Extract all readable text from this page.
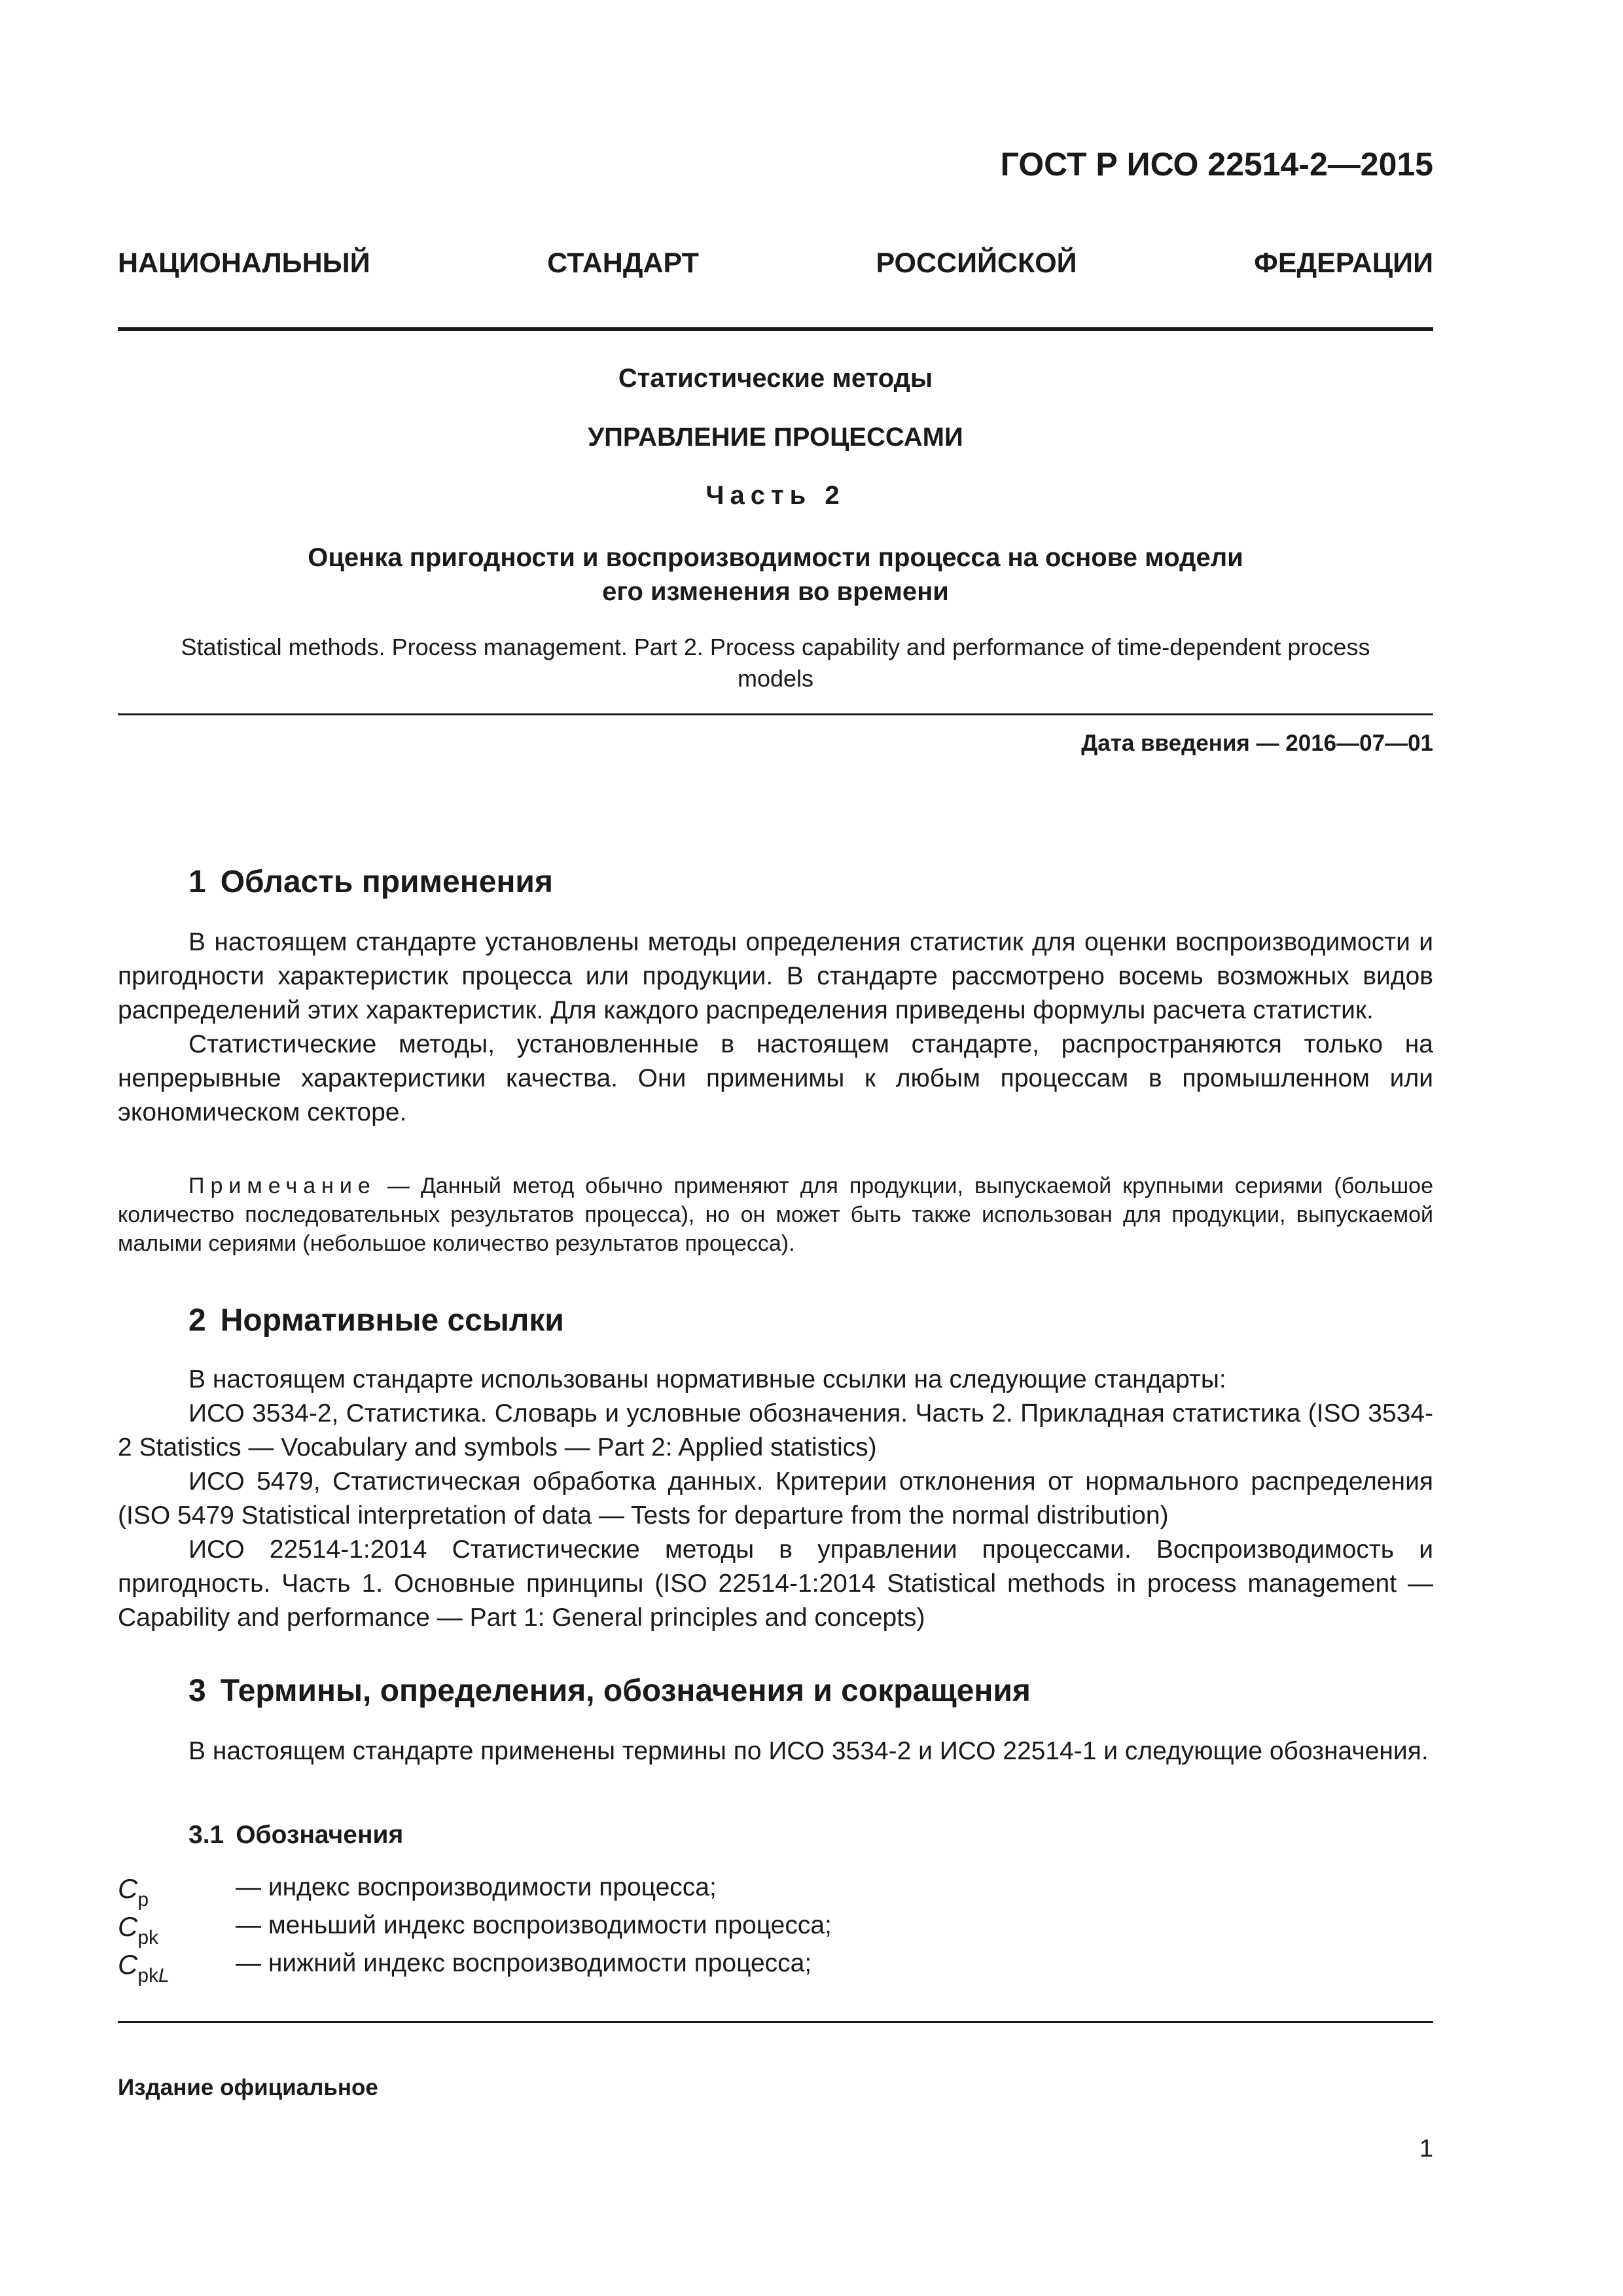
ГОСТ Р ИСО 22514-2—2015
НАЦИОНАЛЬНЫЙ СТАНДАРТ РОССИЙСКОЙ ФЕДЕРАЦИИ
Статистические методы
УПРАВЛЕНИЕ ПРОЦЕССАМИ
Часть 2
Оценка пригодности и воспроизводимости процесса на основе модели
его изменения во времени
Statistical methods. Process management. Part 2. Process capability and performance of time-dependent process
models
Дата введения — 2016—07—01
1 Область применения

В настоящем стандарте установлены методы определения статистик для оценки воспроизводимости и пригодности характеристик процесса или продукции. В стандарте рассмотрено восемь возможных видов распределений этих характеристик. Для каждого распределения приведены формулы расчета статистик.

Статистические методы, установленные в настоящем стандарте, распространяются только на непрерывные характеристики качества. Они применимы к любым процессам в промышленном или экономическом секторе.

Примечание — Данный метод обычно применяют для продукции, выпускаемой крупными сериями (большое количество последовательных результатов процесса), но он может быть также использован для продукции, выпускаемой малыми сериями (небольшое количество результатов процесса).

2 Нормативные ссылки

В настоящем стандарте использованы нормативные ссылки на следующие стандарты:

ИСО 3534-2, Статистика. Словарь и условные обозначения. Часть 2. Прикладная статистика (ISO 3534-2 Statistics — Vocabulary and symbols — Part 2: Applied statistics)

ИСО 5479, Статистическая обработка данных. Критерии отклонения от нормального распределения (ISO 5479 Statistical interpretation of data — Tests for departure from the normal distribution)

ИСО 22514-1:2014 Статистические методы в управлении процессами. Воспроизводимость и пригодность. Часть 1. Основные принципы (ISO 22514-1:2014 Statistical methods in process management — Capability and performance — Part 1: General principles and concepts)

3 Термины, определения, обозначения и сокращения

В настоящем стандарте применены термины по ИСО 3534-2 и ИСО 22514-1 и следующие обозначения.

3.1 Обозначения
$C_p$	— индекс воспроизводимости процесса;
$C_{pk}$	— меньший индекс воспроизводимости процесса;
$C_{pkL}$	— нижний индекс воспроизводимости процесса;
Издание официальное
1
